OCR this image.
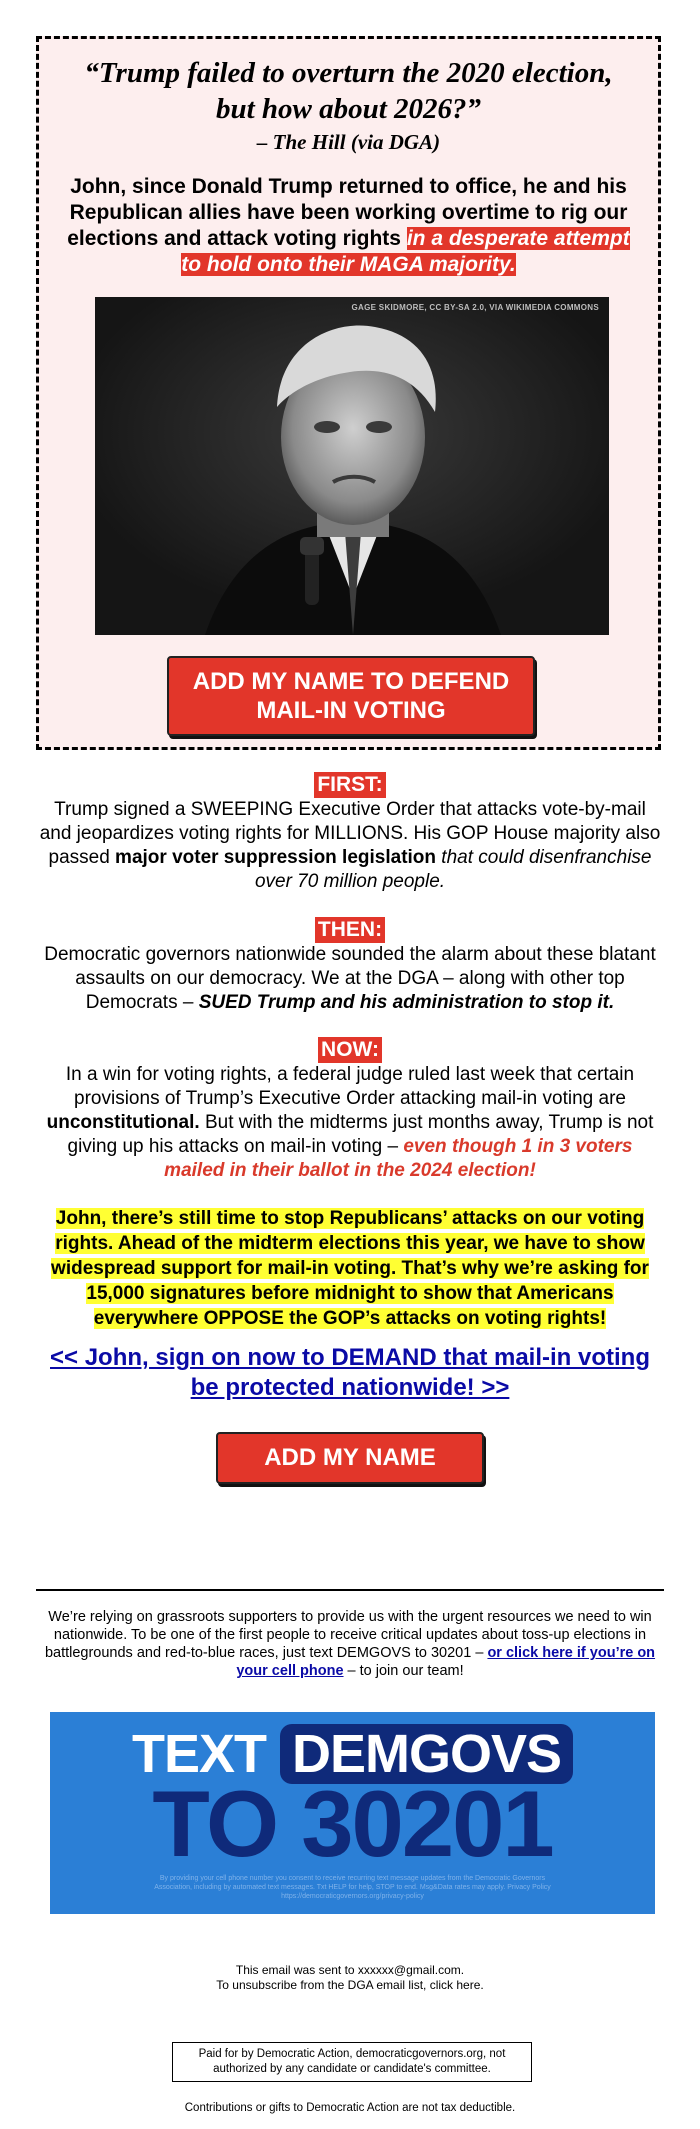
“Trump failed to overturn the 2020 election, but how about 2026?”
– The Hill (via DGA)
John, since Donald Trump returned to office, he and his Republican allies have been working overtime to rig our elections and attack voting rights in a desperate attempt to hold onto their MAGA majority.
GAGE SKIDMORE, CC BY-SA 2.0, VIA WIKIMEDIA COMMONS
ADD MY NAME TO DEFEND MAIL-IN VOTING
FIRST:
Trump signed a SWEEPING Executive Order that attacks vote-by-mail and jeopardizes voting rights for MILLIONS. His GOP House majority also passed major voter suppression legislation that could disenfranchise over 70 million people.
THEN:
Democratic governors nationwide sounded the alarm about these blatant assaults on our democracy. We at the DGA – along with other top Democrats – SUED Trump and his administration to stop it.
NOW:
In a win for voting rights, a federal judge ruled last week that certain provisions of Trump’s Executive Order attacking mail-in voting are unconstitutional. But with the midterms just months away, Trump is not giving up his attacks on mail-in voting – even though 1 in 3 voters mailed in their ballot in the 2024 election!
John, there’s still time to stop Republicans’ attacks on our voting rights. Ahead of the midterm elections this year, we have to show widespread support for mail-in voting. That’s why we’re asking for 15,000 signatures before midnight to show that Americans everywhere OPPOSE the GOP’s attacks on voting rights!
<< John, sign on now to DEMAND that mail-in voting be protected nationwide! >>
ADD MY NAME
We’re relying on grassroots supporters to provide us with the urgent resources we need to win nationwide. To be one of the first people to receive critical updates about toss-up elections in battlegrounds and red-to-blue races, just text DEMGOVS to 30201 – or click here if you’re on your cell phone – to join our team!
TEXT DEMGOVS
TO 30201
By providing your cell phone number you consent to receive recurring text message updates from the Democratic Governors Association, including by automated text messages. Txt HELP for help, STOP to end. Msg&Data rates may apply. Privacy Policy https://democraticgovernors.org/privacy-policy
This email was sent to xxxxxx@gmail.com.
To unsubscribe from the DGA email list, click here.
Paid for by Democratic Action, democraticgovernors.org, not authorized by any candidate or candidate's committee.
Contributions or gifts to Democratic Action are not tax deductible.
